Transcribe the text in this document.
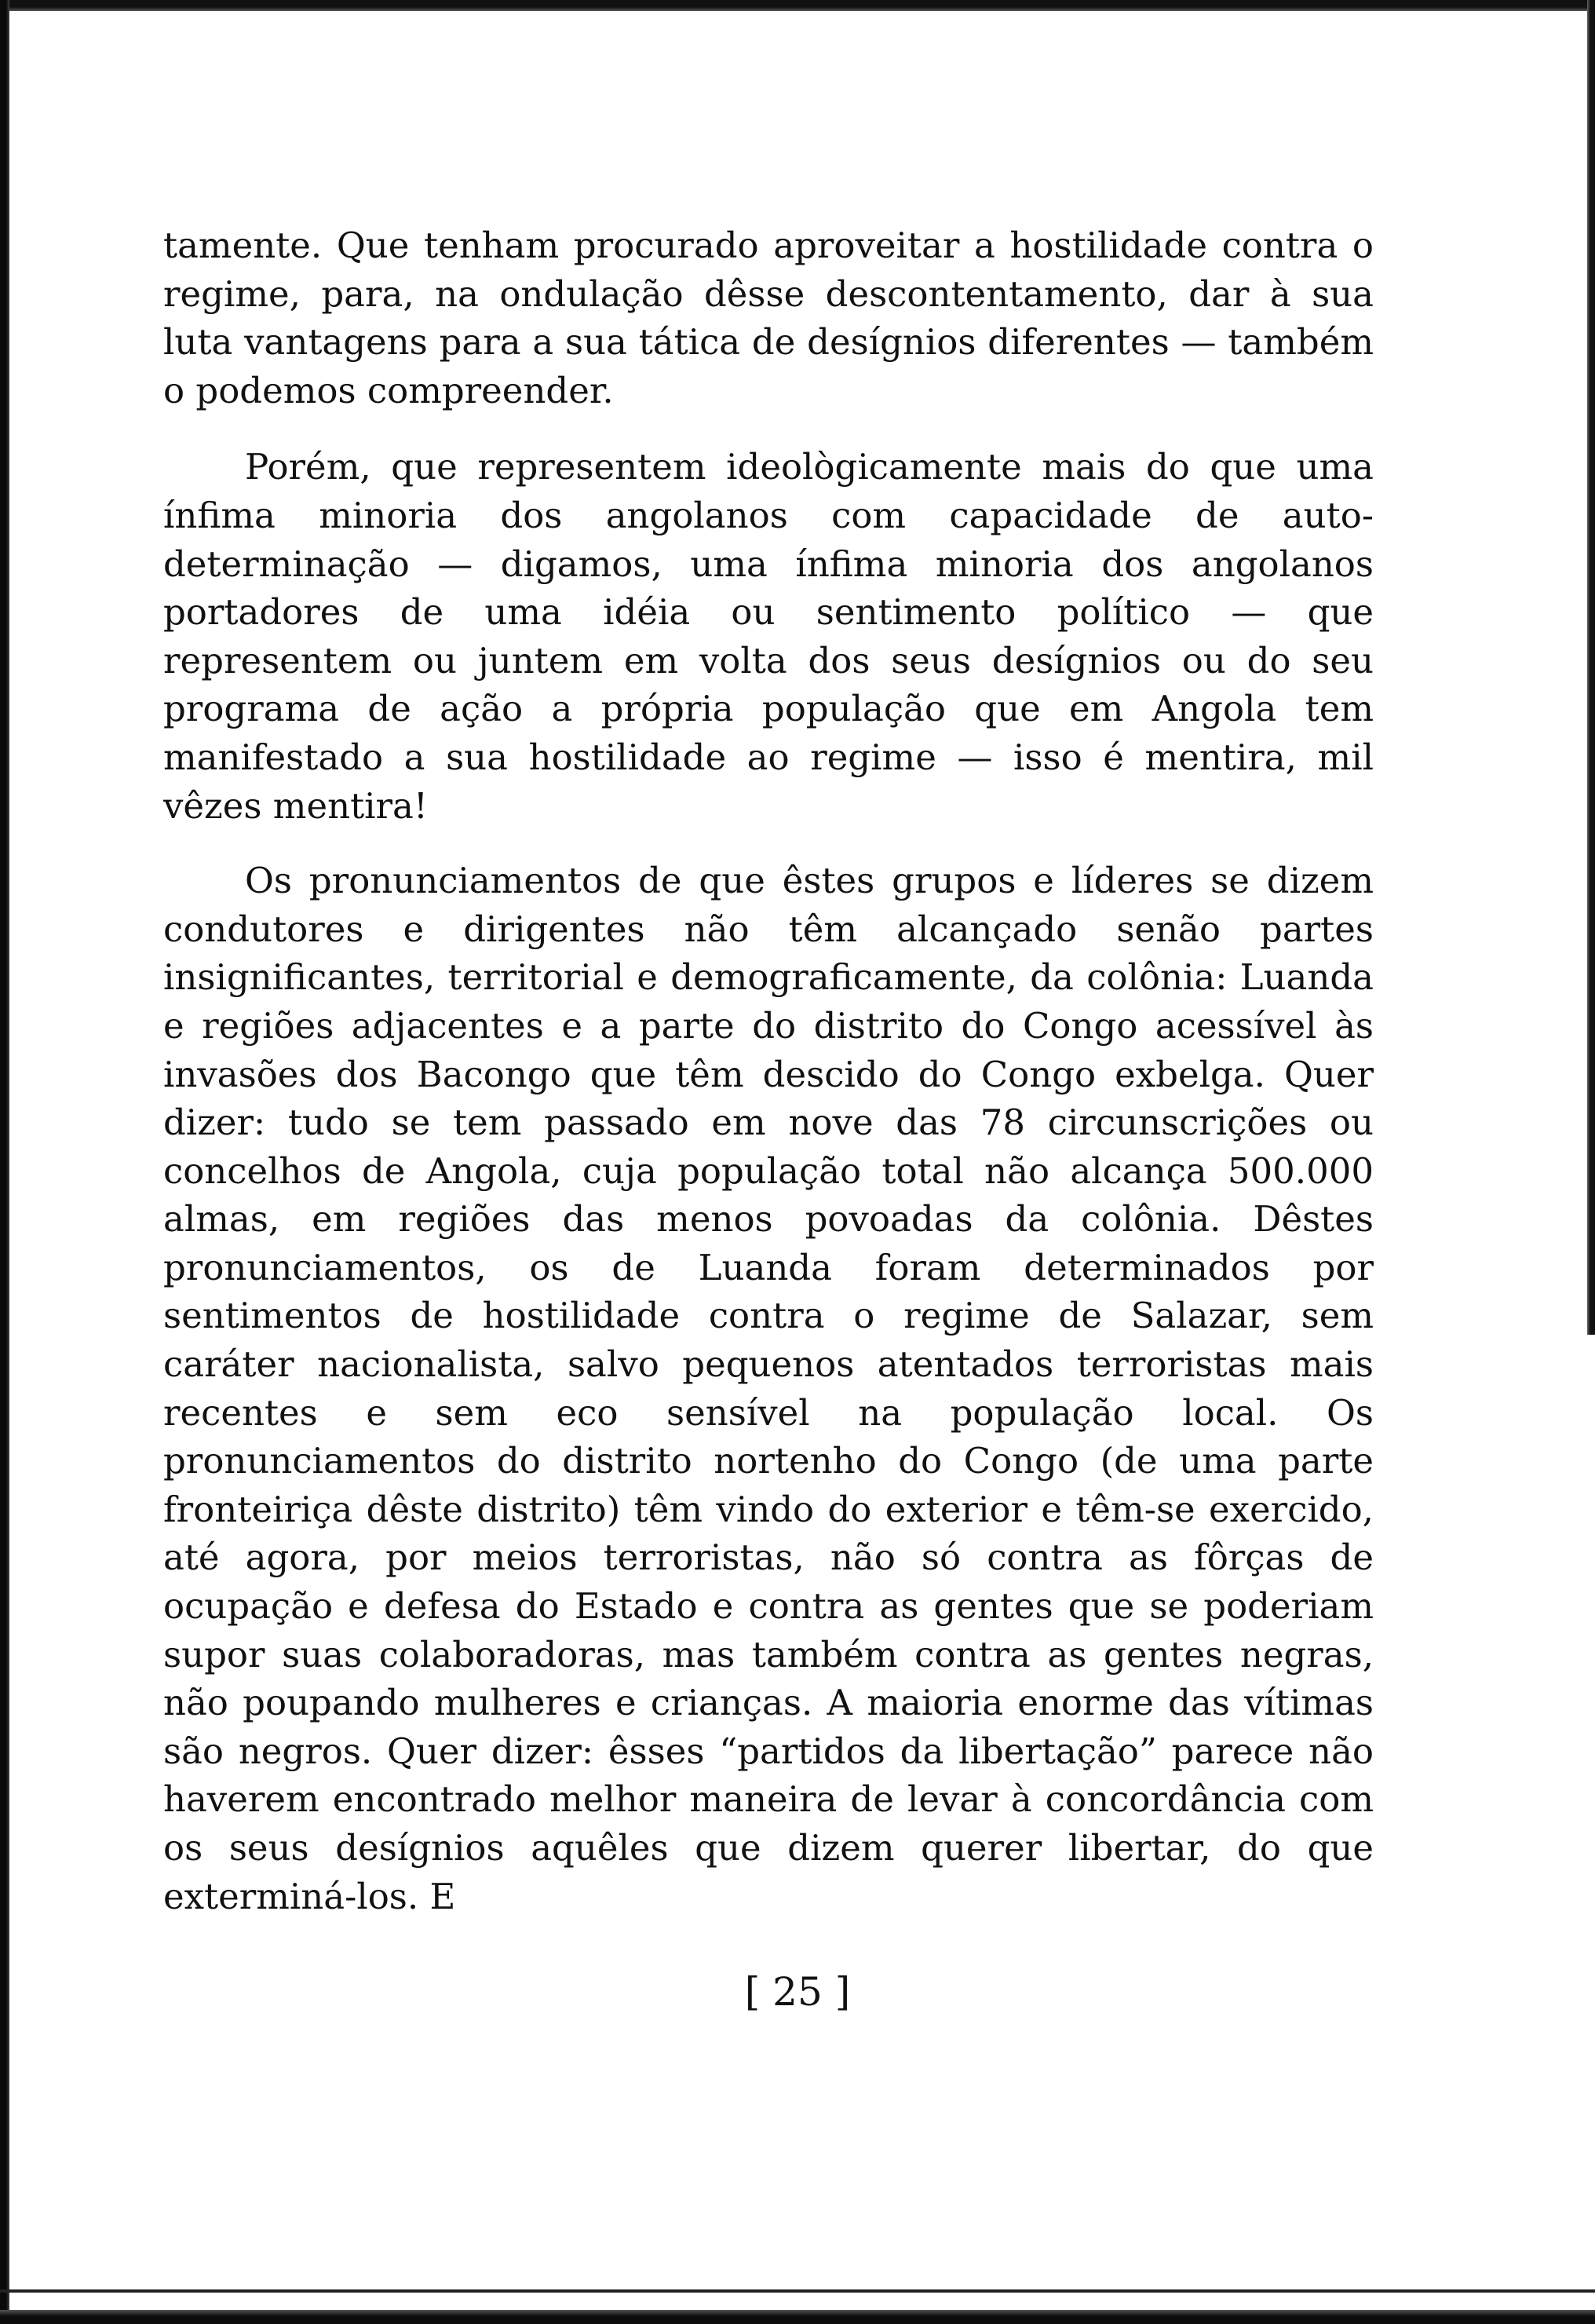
tamente. Que tenham procurado aproveitar a hostilidade contra o regime, para, na ondulação dêsse descontentamento, dar à sua luta vantagens para a sua tática de desígnios diferentes — também o podemos compreender.

Porém, que representem ideològicamente mais do que uma ínfima minoria dos angolanos com capacidade de auto-determinação — digamos, uma ínfima minoria dos angolanos portadores de uma idéia ou sentimento político — que representem ou juntem em volta dos seus desígnios ou do seu programa de ação a própria população que em Angola tem manifestado a sua hostilidade ao regime — isso é mentira, mil vêzes mentira!

Os pronunciamentos de que êstes grupos e líderes se dizem condutores e dirigentes não têm alcançado senão partes insignificantes, territorial e demograficamente, da colônia: Luanda e regiões adjacentes e a parte do distrito do Congo acessível às invasões dos Bacongo que têm descido do Congo exbelga. Quer dizer: tudo se tem passado em nove das 78 circunscrições ou concelhos de Angola, cuja população total não alcança 500.000 almas, em regiões das menos povoadas da colônia. Dêstes pronunciamentos, os de Luanda foram determinados por sentimentos de hostilidade contra o regime de Salazar, sem caráter nacionalista, salvo pequenos atentados terroristas mais recentes e sem eco sensível na população local. Os pronunciamentos do distrito nortenho do Congo (de uma parte fronteiriça dêste distrito) têm vindo do exterior e têm-se exercido, até agora, por meios terroristas, não só contra as fôrças de ocupação e defesa do Estado e contra as gentes que se poderiam supor suas colaboradoras, mas também contra as gentes negras, não poupando mulheres e crianças. A maioria enorme das vítimas são negros. Quer dizer: êsses “partidos da libertação” parece não haverem encontrado melhor maneira de levar à concordância com os seus desígnios aquêles que dizem querer libertar, do que exterminá-los. E

[ 25 ]
